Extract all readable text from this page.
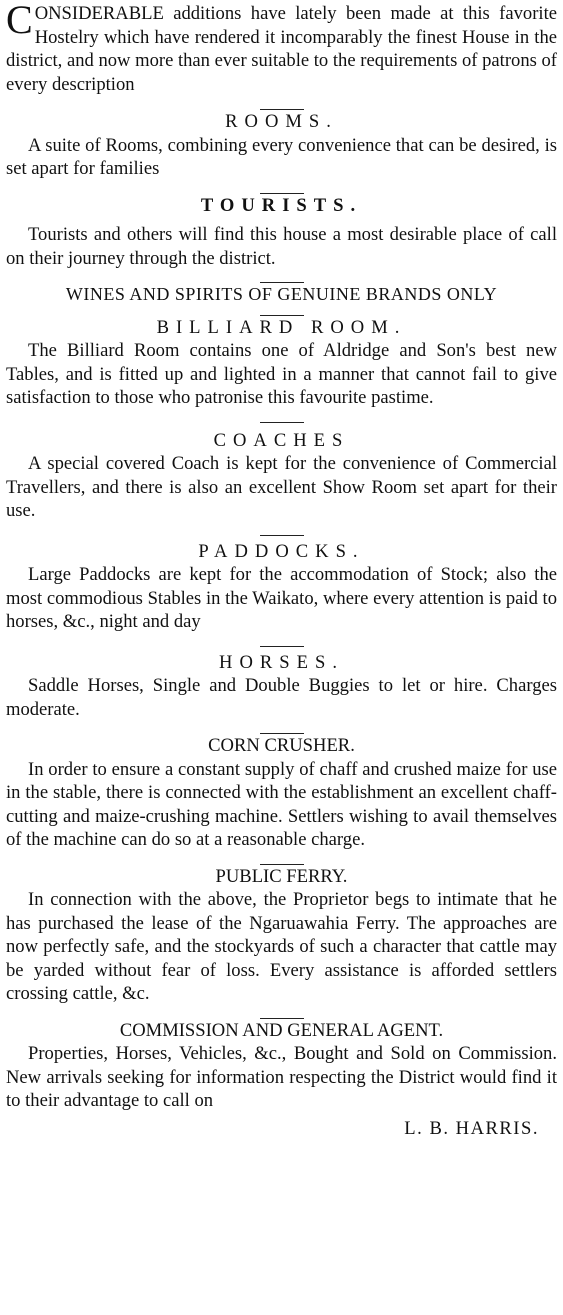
CONSIDERABLE additions have lately been made at this favorite Hostelry which have rendered it incomparably the finest House in the district, and now more than ever suitable to the requirements of patrons of every description

ROOMS.

A suite of Rooms, combining every convenience that can be desired, is set apart for families

TOURISTS.

Tourists and others will find this house a most desirable place of call on their journey through the district.

WINES AND SPIRITS OF GENUINE BRANDS ONLY
BILLIARD ROOM.

The Billiard Room contains one of Aldridge and Son's best new Tables, and is fitted up and lighted in a manner that cannot fail to give satisfaction to those who patronise this favourite pastime.

COACHES

A special covered Coach is kept for the convenience of Commercial Travellers, and there is also an excellent Show Room set apart for their use.

PADDOCKS.

Large Paddocks are kept for the accommodation of Stock; also the most commodious Stables in the Waikato, where every attention is paid to horses, &c., night and day

HORSES.

Saddle Horses, Single and Double Buggies to let or hire. Charges moderate.

CORN CRUSHER.

In order to ensure a constant supply of chaff and crushed maize for use in the stable, there is connected with the establishment an excellent chaff-cutting and maize-crushing machine. Settlers wishing to avail themselves of the machine can do so at a reasonable charge.

PUBLIC FERRY.

In connection with the above, the Proprietor begs to intimate that he has purchased the lease of the Ngaruawahia Ferry. The approaches are now perfectly safe, and the stockyards of such a character that cattle may be yarded without fear of loss. Every assistance is afforded settlers crossing cattle, &c.

COMMISSION AND GENERAL AGENT.

Properties, Horses, Vehicles, &c., Bought and Sold on Commission. New arrivals seeking for information respecting the District would find it to their advantage to call on

L. B. HARRIS.
